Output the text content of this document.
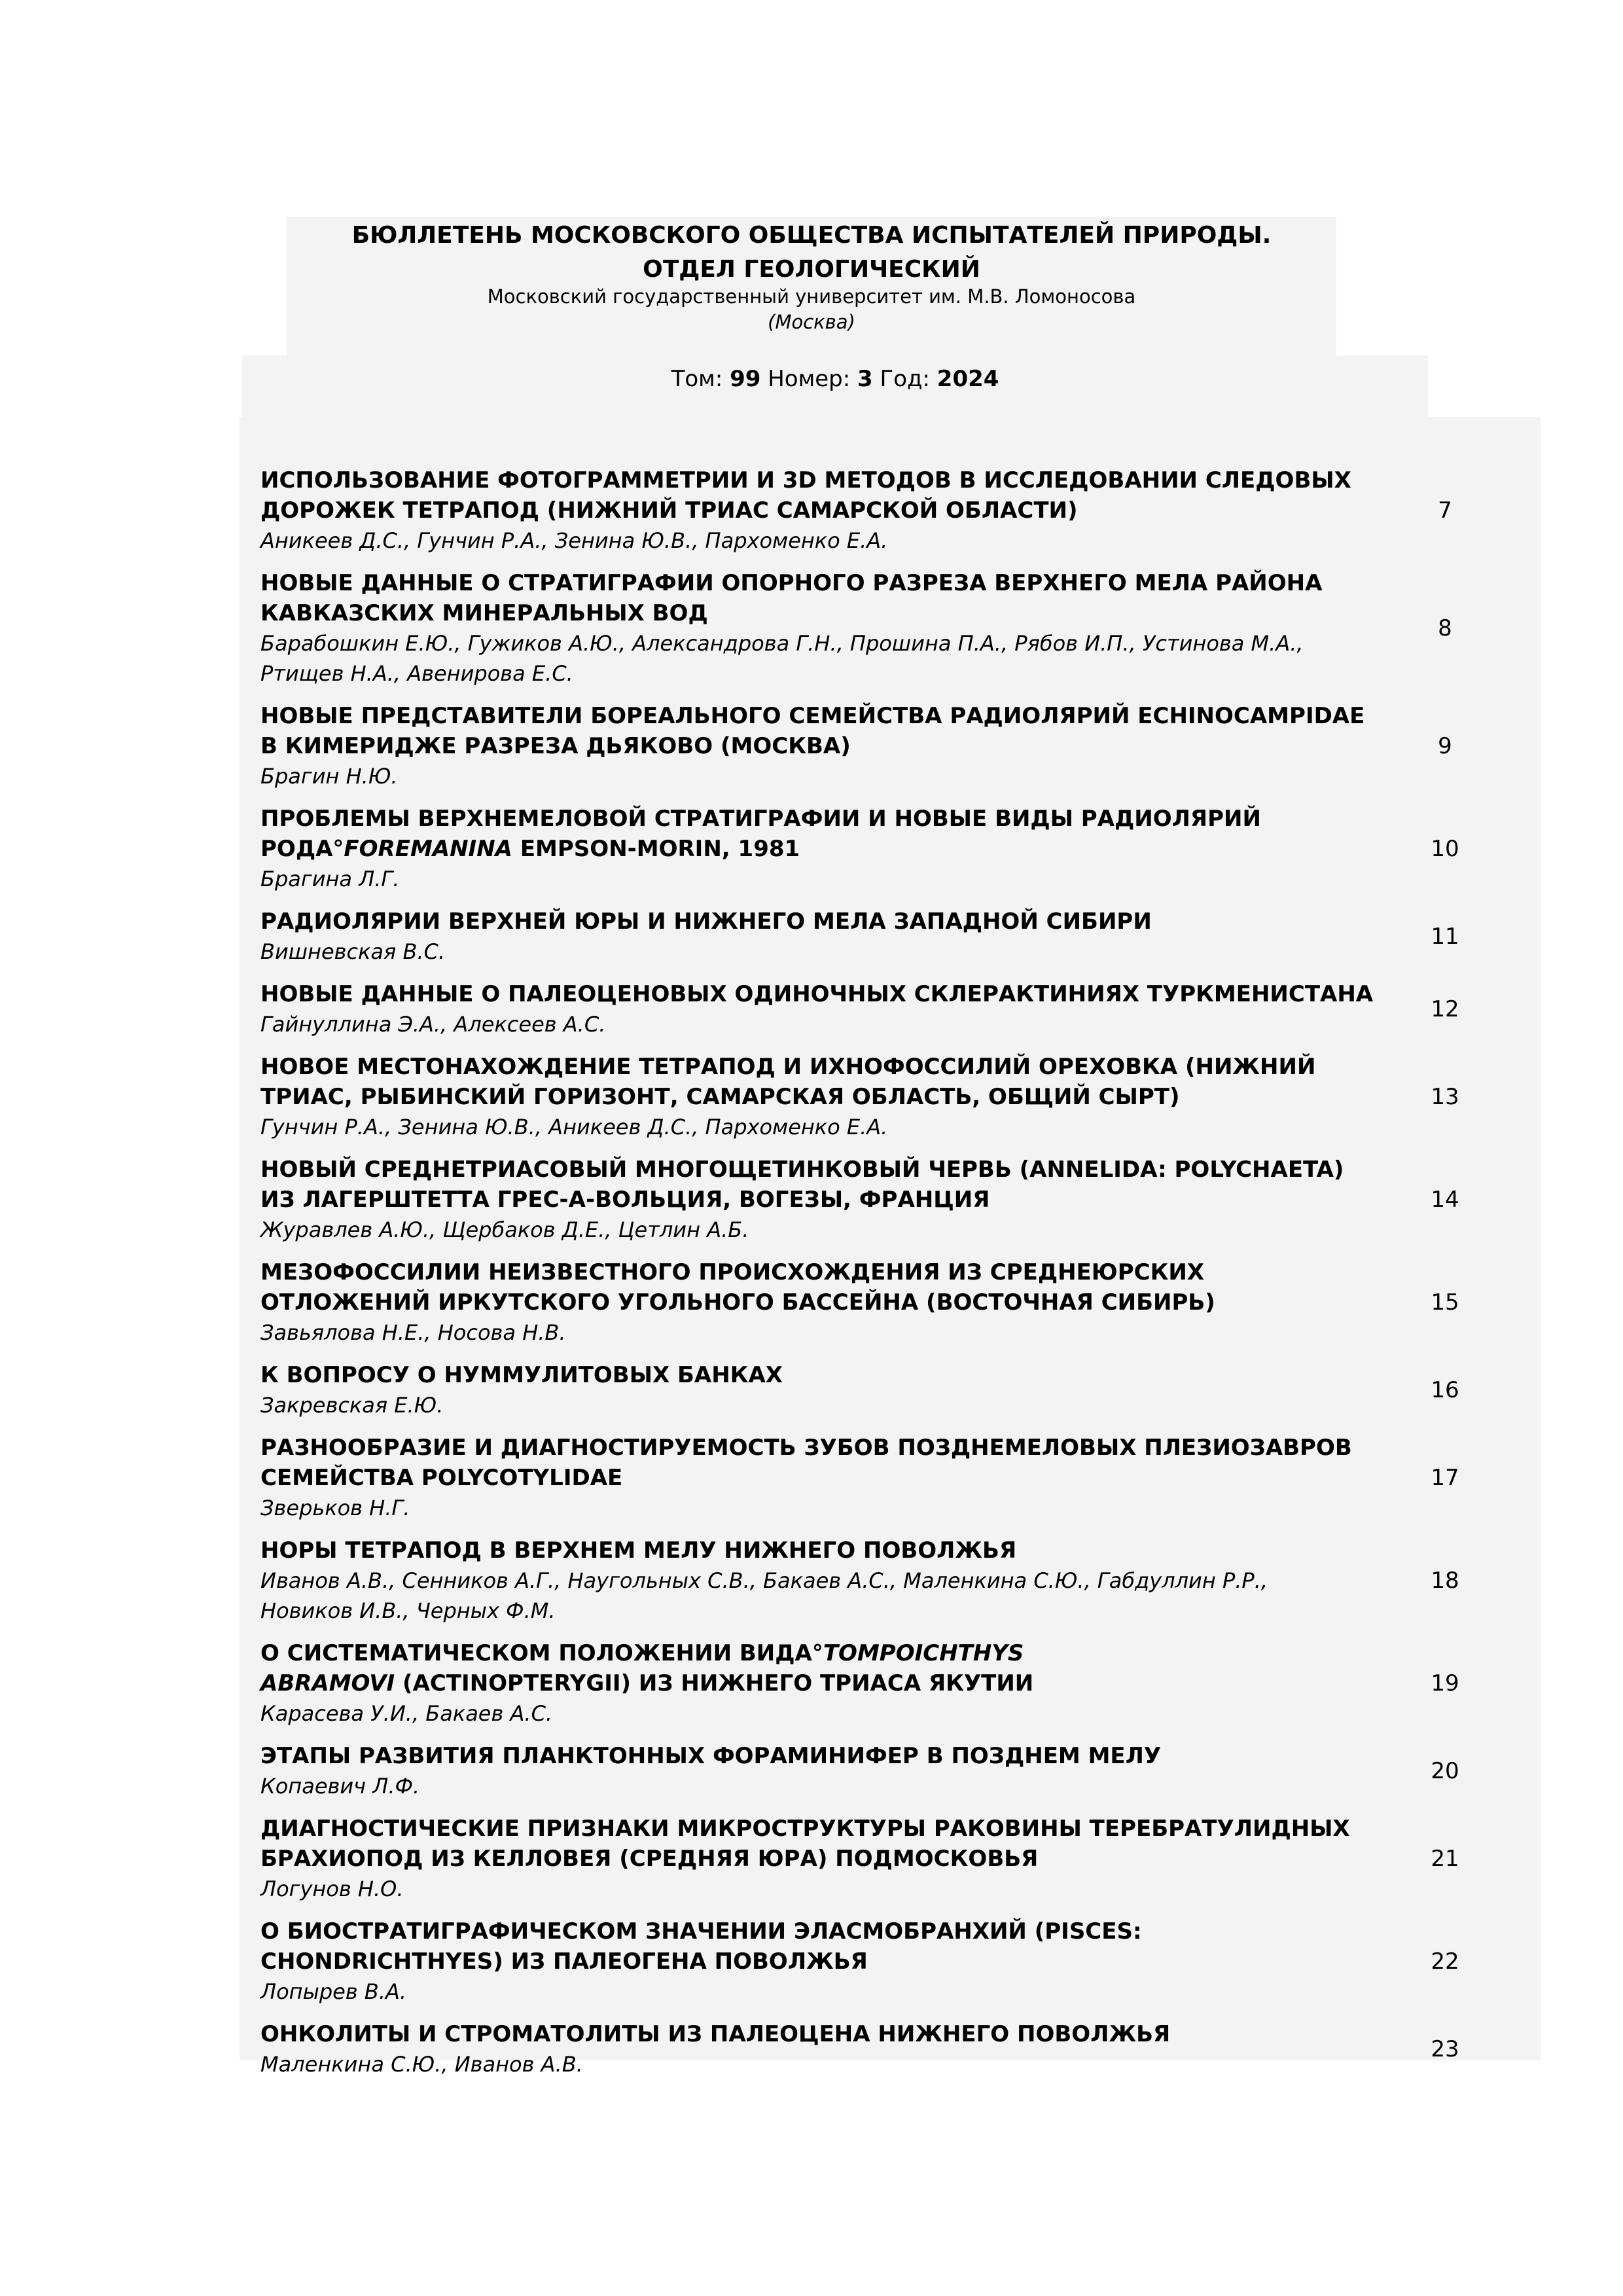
БЮЛЛЕТЕНЬ МОСКОВСКОГО ОБЩЕСТВА ИСПЫТАТЕЛЕЙ ПРИРОДЫ.
ОТДЕЛ ГЕОЛОГИЧЕСКИЙ
Московский государственный университет им. М.В. Ломоносова
(Москва)
Том: 99 Номер: 3 Год: 2024
ИСПОЛЬЗОВАНИЕ ФОТОГРАММЕТРИИ И 3D МЕТОДОВ В ИССЛЕДОВАНИИ СЛЕДОВЫХ
ДОРОЖЕК ТЕТРАПОД (НИЖНИЙ ТРИАС САМАРСКОЙ ОБЛАСТИ)
Аникеев Д.С., Гунчин Р.А., Зенина Ю.В., Пархоменко Е.А.
7
НОВЫЕ ДАННЫЕ О СТРАТИГРАФИИ ОПОРНОГО РАЗРЕЗА ВЕРХНЕГО МЕЛА РАЙОНА
КАВКАЗСКИХ МИНЕРАЛЬНЫХ ВОД
Барабошкин Е.Ю., Гужиков А.Ю., Александрова Г.Н., Прошина П.А., Рябов И.П., Устинова М.А.,
Ртищев Н.А., Авенирова Е.С.
8
НОВЫЕ ПРЕДСТАВИТЕЛИ БОРЕАЛЬНОГО СЕМЕЙСТВА РАДИОЛЯРИЙ ECHINOCAMPIDAE
В КИМЕРИДЖЕ РАЗРЕЗА ДЬЯКОВО (МОСКВА)
Брагин Н.Ю.
9
ПРОБЛЕМЫ ВЕРХНЕМЕЛОВОЙ СТРАТИГРАФИИ И НОВЫЕ ВИДЫ РАДИОЛЯРИЙ
РОДА°FOREMANINA EMPSON-MORIN, 1981
Брагина Л.Г.
10
РАДИОЛЯРИИ ВЕРХНЕЙ ЮРЫ И НИЖНЕГО МЕЛА ЗАПАДНОЙ СИБИРИ
Вишневская В.С.
11
НОВЫЕ ДАННЫЕ О ПАЛЕОЦЕНОВЫХ ОДИНОЧНЫХ СКЛЕРАКТИНИЯХ ТУРКМЕНИСТАНА
Гайнуллина Э.А., Алексеев А.С.
12
НОВОЕ МЕСТОНАХОЖДЕНИЕ ТЕТРАПОД И ИХНОФОССИЛИЙ ОРЕХОВКА (НИЖНИЙ
ТРИАС, РЫБИНСКИЙ ГОРИЗОНТ, САМАРСКАЯ ОБЛАСТЬ, ОБЩИЙ СЫРТ)
Гунчин Р.А., Зенина Ю.В., Аникеев Д.С., Пархоменко Е.А.
13
НОВЫЙ СРЕДНЕТРИАСОВЫЙ МНОГОЩЕТИНКОВЫЙ ЧЕРВЬ (ANNELIDA: POLYCHAETA)
ИЗ ЛАГЕРШТЕТТА ГРЕС-А-ВОЛЬЦИЯ, ВОГЕЗЫ, ФРАНЦИЯ
Журавлев А.Ю., Щербаков Д.Е., Цетлин А.Б.
14
МЕЗОФОССИЛИИ НЕИЗВЕСТНОГО ПРОИСХОЖДЕНИЯ ИЗ СРЕДНЕЮРСКИХ
ОТЛОЖЕНИЙ ИРКУТСКОГО УГОЛЬНОГО БАССЕЙНА (ВОСТОЧНАЯ СИБИРЬ)
Завьялова Н.Е., Носова Н.В.
15
К ВОПРОСУ О НУММУЛИТОВЫХ БАНКАХ
Закревская Е.Ю.
16
РАЗНООБРАЗИЕ И ДИАГНОСТИРУЕМОСТЬ ЗУБОВ ПОЗДНЕМЕЛОВЫХ ПЛЕЗИОЗАВРОВ
СЕМЕЙСТВА POLYCOTYLIDAE
Зверьков Н.Г.
17
НОРЫ ТЕТРАПОД В ВЕРХНЕМ МЕЛУ НИЖНЕГО ПОВОЛЖЬЯ
Иванов А.В., Сенников А.Г., Наугольных С.В., Бакаев А.С., Маленкина С.Ю., Габдуллин Р.Р.,
Новиков И.В., Черных Ф.М.
18
О СИСТЕМАТИЧЕСКОМ ПОЛОЖЕНИИ ВИДА°TOMPOICHTHYS
ABRAMOVI (ACTINOPTERYGII) ИЗ НИЖНЕГО ТРИАСА ЯКУТИИ
Карасева У.И., Бакаев А.С.
19
ЭТАПЫ РАЗВИТИЯ ПЛАНКТОННЫХ ФОРАМИНИФЕР В ПОЗДНЕМ МЕЛУ
Копаевич Л.Ф.
20
ДИАГНОСТИЧЕСКИЕ ПРИЗНАКИ МИКРОСТРУКТУРЫ РАКОВИНЫ ТЕРЕБРАТУЛИДНЫХ
БРАХИОПОД ИЗ КЕЛЛОВЕЯ (СРЕДНЯЯ ЮРА) ПОДМОСКОВЬЯ
Логунов Н.О.
21
О БИОСТРАТИГРАФИЧЕСКОМ ЗНАЧЕНИИ ЭЛАСМОБРАНХИЙ (PISCES:
CHONDRICHTHYES) ИЗ ПАЛЕОГЕНА ПОВОЛЖЬЯ
Лопырев В.А.
22
ОНКОЛИТЫ И СТРОМАТОЛИТЫ ИЗ ПАЛЕОЦЕНА НИЖНЕГО ПОВОЛЖЬЯ
Маленкина С.Ю., Иванов А.В.
23
